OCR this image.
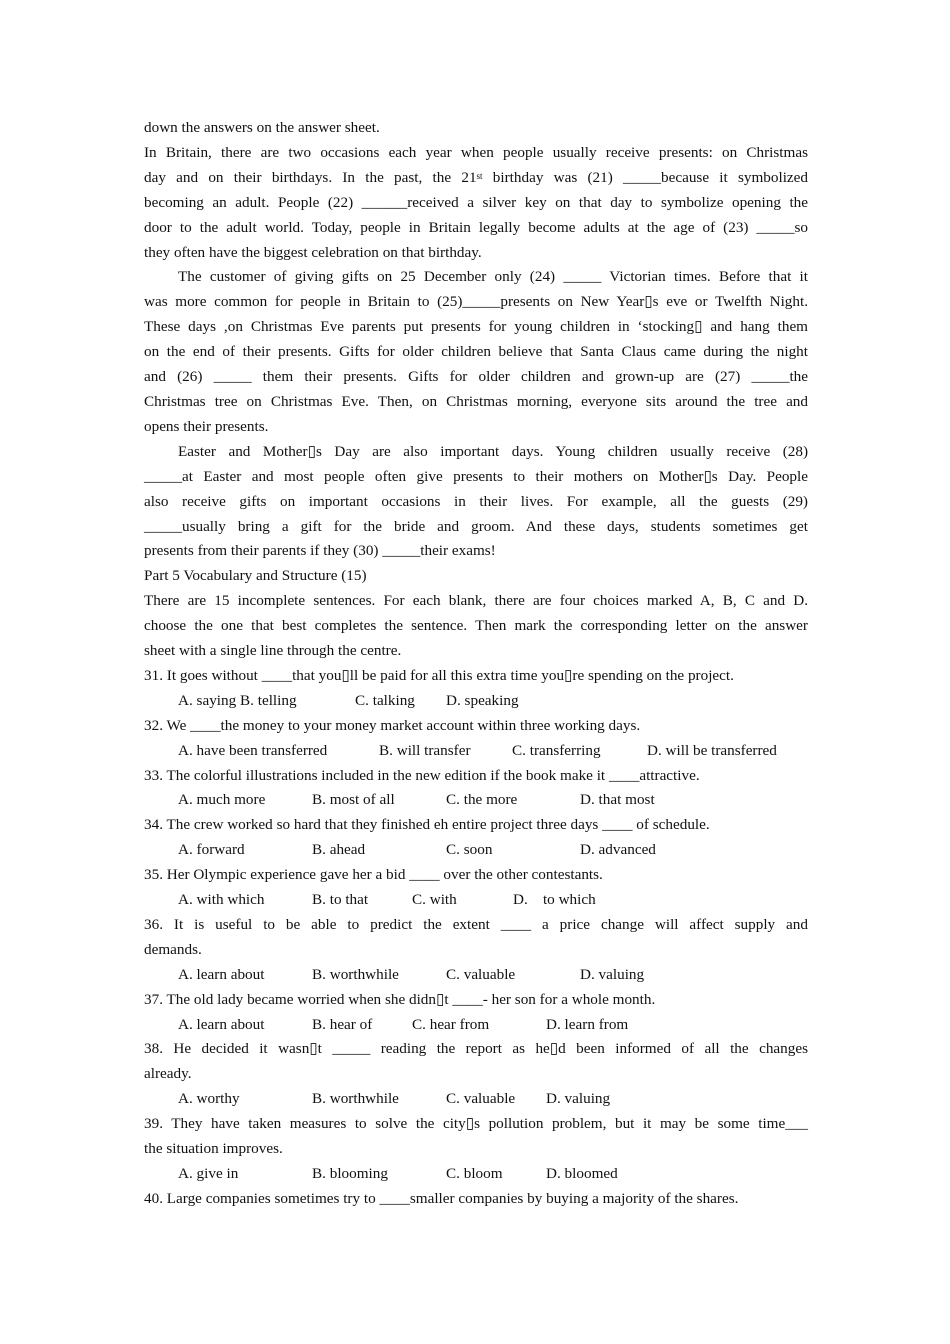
down the answers on the answer sheet.

In Britain, there are two occasions each year when people usually receive presents: on Christmas

day and on their birthdays. In the past, the 21st birthday was (21) _____because it symbolized

becoming an adult. People (22) ______received a silver key on that day to symbolize opening the

door to the adult world. Today, people in Britain legally become adults at the age of (23) _____so

they often have the biggest celebration on that birthday.

The customer of giving gifts on 25 December only (24) _____ Victorian times. Before that it

was more common for people in Britain to (25)_____presents on New Year▯s eve or Twelfth Night.

These days ,on Christmas Eve parents put presents for young children in ‘stocking▯ and hang them

on the end of their presents. Gifts for older children believe that Santa Claus came during the night

and (26) _____ them their presents. Gifts for older children and grown-up are (27) _____the

Christmas tree on Christmas Eve. Then, on Christmas morning, everyone sits around the tree and

opens their presents.

Easter and Mother▯s Day are also important days. Young children usually receive (28)

_____at Easter and most people often give presents to their mothers on Mother▯s Day. People

also receive gifts on important occasions in their lives. For example, all the guests (29)

_____usually bring a gift for the bride and groom. And these days, students sometimes get

presents from their parents if they (30) _____their exams!

Part 5 Vocabulary and Structure (15)

There are 15 incomplete sentences. For each blank, there are four choices marked A, B, C and D.

choose the one that best completes the sentence. Then mark the corresponding letter on the answer

sheet with a single line through the centre.

31. It goes without ____that you▯ll be paid for all this extra time you▯re spending on the project.

A. saying B. telling	C. talking D. speaking

32. We ____the money to your money market account within three working days.

A. have been transferred	B. will transfer	C. transferring	D. will be transferred

33. The colorful illustrations included in the new edition if the book make it ____attractive.

A. much more	B. most of all	C. the more	D. that most

34. The crew worked so hard that they finished eh entire project three days ____ of schedule.

A. forward	B. ahead	C. soon	D. advanced

35. Her Olympic experience gave her a bid ____ over the other contestants.

A. with which	B. to that	C. with	D.    to which

36. It is useful to be able to predict the extent ____ a price change will affect supply and

demands.

A. learn about	B. worthwhile	C. valuable	D. valuing

37. The old lady became worried when she didn▯t ____- her son for a whole month.

A. learn about	B. hear of	C. hear from	D. learn from

38. He decided it wasn▯t _____ reading the report as he▯d been informed of all the changes

already.

A. worthy	B. worthwhile	C. valuable D. valuing

39. They have taken measures to solve the city▯s pollution problem, but it may be some time___

the situation improves.

A. give in	B. blooming	C. bloom	D. bloomed

40. Large companies sometimes try to ____smaller companies by buying a majority of the shares.
